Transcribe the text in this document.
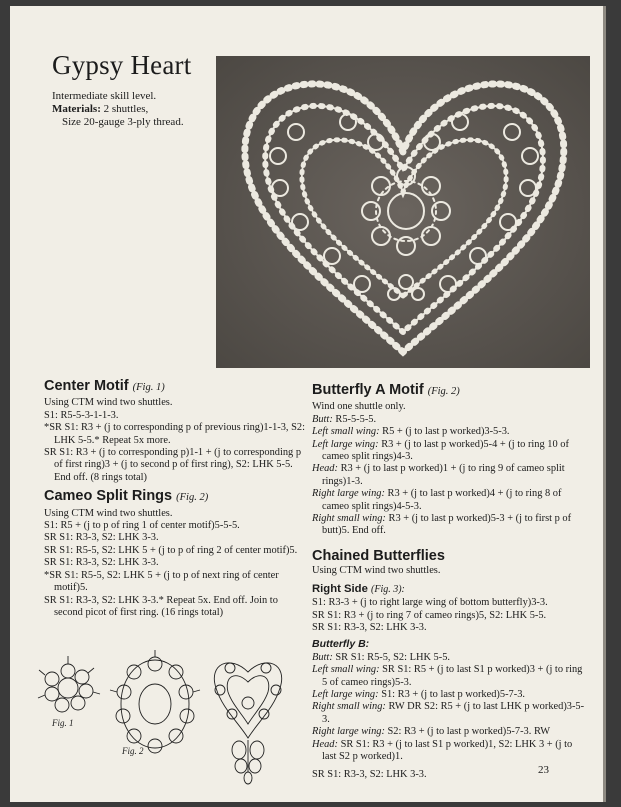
Gypsy Heart

Intermediate skill level.

Materials: 2 shuttles,

Size 20-gauge 3-ply thread.

Center Motif (Fig. 1)

Using CTM wind two shuttles.

S1: R5-5-3-1-1-3.

*SR S1: R3 + (j to corresponding p of previous ring)1-1-3, S2: LHK 5-5.* Repeat 5x more.

SR S1: R3 + (j to corresponding p)1-1 + (j to corresponding p of first ring)3 + (j to second p of first ring), S2: LHK 5-5. End off. (8 rings total)

Cameo Split Rings (Fig. 2)

Using CTM wind two shuttles.

S1: R5 + (j to p of ring 1 of center motif)5-5-5.

SR S1: R3-3, S2: LHK 3-3.

SR S1: R5-5, S2: LHK 5 + (j to p of ring 2 of center motif)5.

SR S1: R3-3, S2: LHK 3-3.

*SR S1: R5-5, S2: LHK 5 + (j to p of next ring of center motif)5.

SR S1: R3-3, S2: LHK 3-3.* Repeat 5x. End off. Join to second picot of first ring. (16 rings total)

Fig. 1
Fig. 2
Butterfly A Motif (Fig. 2)

Wind one shuttle only.

Butt: R5-5-5-5.

Left small wing: R5 + (j to last p worked)3-5-3.

Left large wing: R3 + (j to last p worked)5-4 + (j to ring 10 of cameo split rings)4-3.

Head: R3 + (j to last p worked)1 + (j to ring 9 of cameo split rings)1-3.

Right large wing: R3 + (j to last p worked)4 + (j to ring 8 of cameo split rings)4-5-3.

Right small wing: R3 + (j to last p worked)5-3 + (j to first p of butt)5. End off.

Chained Butterflies

Using CTM wind two shuttles.

Right Side (Fig. 3):

S1: R3-3 + (j to right large wing of bottom butterfly)3-3.

SR S1: R3 + (j to ring 7 of cameo rings)5, S2: LHK 5-5.

SR S1: R3-3, S2: LHK 3-3.

Butterfly B:

Butt: SR S1: R5-5, S2: LHK 5-5.

Left small wing: SR S1: R5 + (j to last S1 p worked)3 + (j to ring 5 of cameo rings)5-3.

Left large wing: S1: R3 + (j to last p worked)5-7-3.

Right small wing: RW DR S2: R5 + (j to last LHK p worked)3-5-3.

Right large wing: S2: R3 + (j to last p worked)5-7-3. RW

Head: SR S1: R3 + (j to last S1 p worked)1, S2: LHK 3 + (j to last S2 p worked)1.

SR S1: R3-3, S2: LHK 3-3.	23
